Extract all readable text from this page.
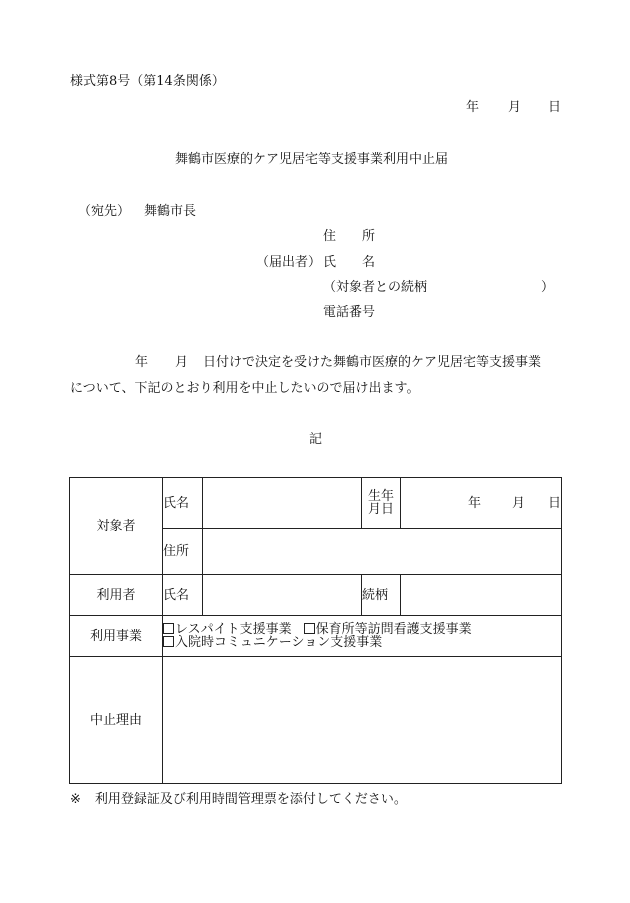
様式第8号（第14条関係）
年 月 日
舞鶴市医療的ケア児居宅等支援事業利用中止届
（宛先） 舞鶴市長
（届出者）
住　　所
氏　　名
（対象者との続柄	）
電話番号
年 月 日付けで決定を受けた舞鶴市医療的ケア児居宅等支援事業
について、下記のとおり利用を中止したいので届け出ます。
記
対象者	氏名		生年
月日	年 月 日
	住所			
利用者	氏名		続柄	
利用事業	レスパイト支援事業 保育所等訪問看護支援事業
入院時コミュニケーション支援事業			

中止理由				
※ 利用登録証及び利用時間管理票を添付してください。
